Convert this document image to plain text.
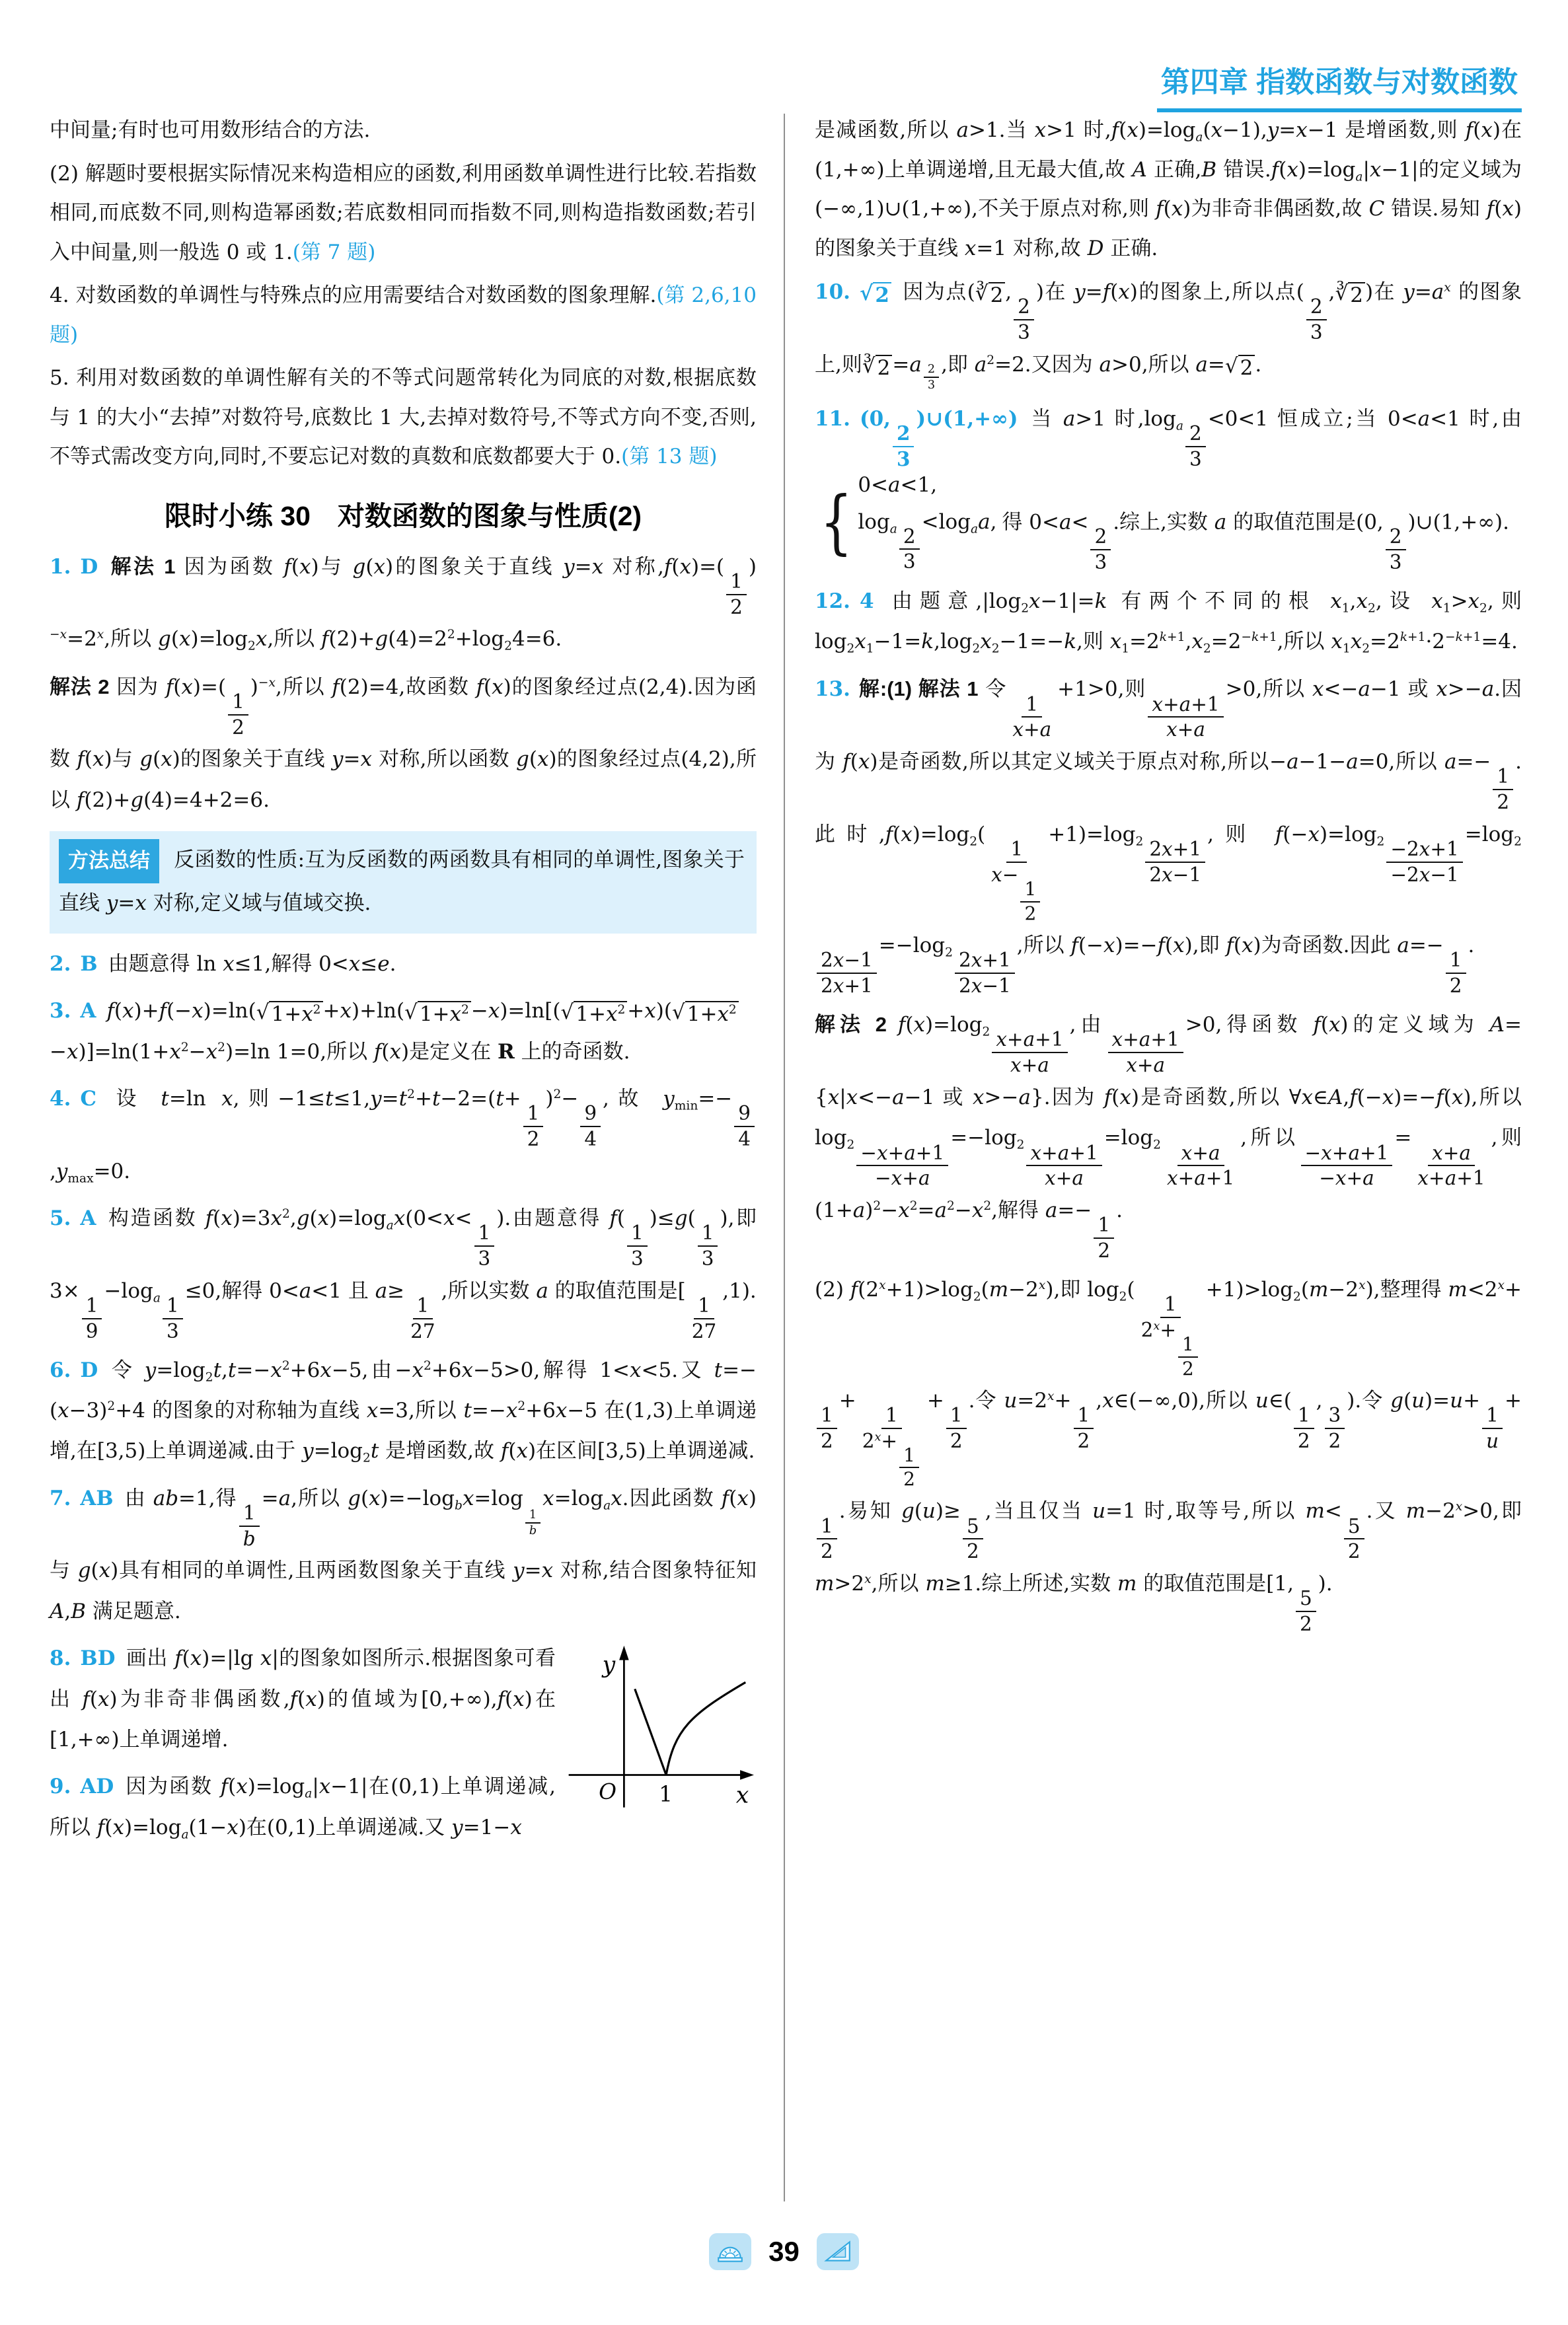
第四章 指数函数与对数函数

中间量;有时也可用数形结合的方法.

(2) 解题时要根据实际情况来构造相应的函数,利用函数单调性进行比较.若指数相同,而底数不同,则构造幂函数;若底数相同而指数不同,则构造指数函数;若引入中间量,则一般选 0 或 1.(第 7 题)

4. 对数函数的单调性与特殊点的应用需要结合对数函数的图象理解.(第 2,6,10 题)

5. 利用对数函数的单调性解有关的不等式问题常转化为同底的对数,根据底数与 1 的大小“去掉”对数符号,底数比 1 大,去掉对数符号,不等式方向不变,否则,不等式需改变方向,同时,不要忘记对数的真数和底数都要大于 0.(第 13 题)

限时小练 30　对数函数的图象与性质(2)

1. D 解法 1 因为函数 f(x)与 g(x)的图象关于直线 y=x 对称,f(x)=(
$\frac{1}{2}$
)$^{-x}=2^x$,所以 $g(x)=\log_2x$,所以 $f(2)+g(4)=2^2+\log_24=6$.

解法 2 因为 f(x)=(
$\frac{1}{2}$
)$^{-x}$,所以 f(2)=4,故函数 f(x)的图象经过点(2,4).因为函数 f(x)与 g(x)的图象关于直线 y=x 对称,所以函数 g(x)的图象经过点(4,2),所以 f(2)+g(4)=4+2=6.

方法总结 反函数的性质:互为反函数的两函数具有相同的单调性,图象关于直线 y=x 对称,定义域与值域交换.

2. B 由题意得 ln x≤1,解得 0<x≤e.

3. A f(x)+f(−x)=ln( √ $1+x^2 +x)+\ln$( √ $1+x^2 -x)=\ln$[( √ $1+x^2 +x$)( √ $1+x^2$
$-x)]=\ln(1+x^2-x^2)=\ln$ 1=0,所以 f(x)是定义在 R 上的奇函数.

4. C 设 t=ln x,则$-1\le t\le 1,y=t^2+t-2=(t+$
$\frac{1}{2}$
)$^2$−
$\frac{9}{4}$
,故 $y_{min}=-$
$\frac{9}{4}$
$,y_{max}=0$.

5. A 构造函数 $f(x)=3x^2,g(x)=\log_ax(0<x<$
$\frac{1}{3}$
).由题意得 f(
$\frac{1}{3}$
)≤g(
$\frac{1}{3}$
),即 3×
$\frac{1}{9}$
$-\log_a \frac{1}{3}$
≤0,解得 0<a<1 且 a≥
$\frac{1}{27}$
,所以实数 a 的取值范围是[
$\frac{1}{27}$
,1).

6. D 令 $y=\log_2t,t=-x^2+6x-5$,由$-x^2+6x-5>0$,解得 1<x<5.又 $t=-(x-3)^2+4$ 的图象的对称轴为直线 x=3,所以 $t=-x^2+6x-5$ 在(1,3)上单调递增,在[3,5)上单调递减.由于 $y=\log_2t$ 是增函数,故 f(x)在区间[3,5)上单调递减.

7. AB 由 ab=1,得
$\frac{1}{b}$
=a,所以 $g(x)=-\log_bx=\log$
$_{\frac{1}{b}}$
$x=\log_ax$.因此函数 f(x)与 g(x)具有相同的单调性,且两函数图象关于直线 y=x 对称,结合图象特征知 A,B 满足题意.

y
O 1	x
8. BD 画出 f(x)=|lg x|的图象如图所示.根据图象可看出 f(x)为非奇非偶函数,f(x)的值域为[0,+∞),f(x)在[1,+∞)上单调递增.

9. AD 因为函数 $f(x)=\log_a|x-1|$在(0,1)上单调递减,所以 $f(x)=\log_a(1-x)$在(0,1)上单调递减.又 y=1−x

是减函数,所以 a>1.当 x>1 时$,f(x)=\log_a(x-1),y=x-1$ 是增函数,则 f(x)在(1,+∞)上单调递增,且无最大值,故 A 正确,B 错误$.f(x)=\log_a|x-1|$的定义域为(−∞,1)∪(1,+∞),不关于原点对称,则 f(x)为非奇非偶函数,故 C 错误.易知 f(x)的图象关于直线 x=1 对称,故 D 正确.

10. √ 2 因为点( ∛ 2 ,
$\frac{2}{3}$
)在 y=f(x)的图象上,所以点(
$\frac{2}{3}$
, ∛ 2 )在 $y=a^x$ 的图象上,则 ∛ 2 =a $^{\frac{2}{3}}$ ,即 $a^2=2$.又因为 a>0,所以 a= √ 2 .

11. (0,
$\frac{2}{3}$
)∪(1,+∞) 当 a>1 时$,\log_a \frac{2}{3}$
<0<1 恒成立;当 0<a<1 时,由
{ 0<a<1,
$\log_a \frac{2}{3}$
$<\log_aa$, 得 0<a<
$\frac{2}{3}$
.综上,实数 a 的取值范围是(0,
$\frac{2}{3}$
)∪(1,+∞).

12. 4 由题意$,|\log_2x-1|=k$ 有两个不同的根 $x_1,x_2$,设 $x_1>x_2$,则 $\log_2x_1-1=k,\log_2x_2-1=-k$,则 $x_1=2^{k+1},x_2=2^{-k+1}$,所以 $x_1x_2=2^{k+1}\cdot 2^{-k+1}=4$.

13. 解:(1) 解法 1 令
$\frac{1}{x+a}$
+1>0,则
$\frac{x+a+1}{x+a}$
>0,所以 x<−a−1 或 x>−a.因为 f(x)是奇函数,所以其定义域关于原点对称,所以−a−1−a=0,所以 a=−
$\frac{1}{2}$
.此时$,f(x)=\log_2$(
1
x−
$\frac{1}{2}$
$+1)=\log_2 \frac{2x+1}{2x-1}$
,则 $f(-x)=\log_2 \frac{-2x+1}{-2x-1}$
$=\log_2$
$\frac{2x-1}{2x+1}$
$=-\log_2 \frac{2x+1}{2x-1}$
,所以 f(−x)=−f(x),即 f(x)为奇函数.因此 a=−
$\frac{1}{2}$
.

解法 2 $f(x)=\log_2 \frac{x+a+1}{x+a}$
,由
$\frac{x+a+1}{x+a}$
>0,得函数 f(x)的定义域为 A={x|x<−a−1 或 x>−a}.因为 f(x)是奇函数,所以 ∀x∈A,f(−x)=−f(x),所以 $\log_2 \frac{-x+a+1}{-x+a}$
$=-\log_2 \frac{x+a+1}{x+a}$
$=\log_2 \frac{x+a}{x+a+1}$
,所以
$\frac{-x+a+1}{-x+a}$
=
$\frac{x+a}{x+a+1}$
,则$(1+a)^2-x^2=a^2-x^2$,解得 a=−
$\frac{1}{2}$
.

(2) $f(2^x+1)>\log_2(m-2^x)$,即 $\log_2$(
1
$2^x+$
$\frac{1}{2}$
$+1)>\log_2(m-2^x)$,整理得 $m<2^x+$
$\frac{1}{2}$
+
1
$2^x+$
$\frac{1}{2}$
+
$\frac{1}{2}$
.令 $u=2^x+$
$\frac{1}{2}$
,x∈(−∞,0),所以 u∈(
$\frac{1}{2}$
,
$\frac{3}{2}$
).令 g(u)=u+
$\frac{1}{u}$
+
$\frac{1}{2}$
.易知 g(u)≥
$\frac{5}{2}$
,当且仅当 u=1 时,取等号,所以 m<
$\frac{5}{2}$
.又 $m-2^x>0$,即 $m>2^x$,所以 m≥1.综上所述,实数 m 的取值范围是[1,
$\frac{5}{2}$
).

39
